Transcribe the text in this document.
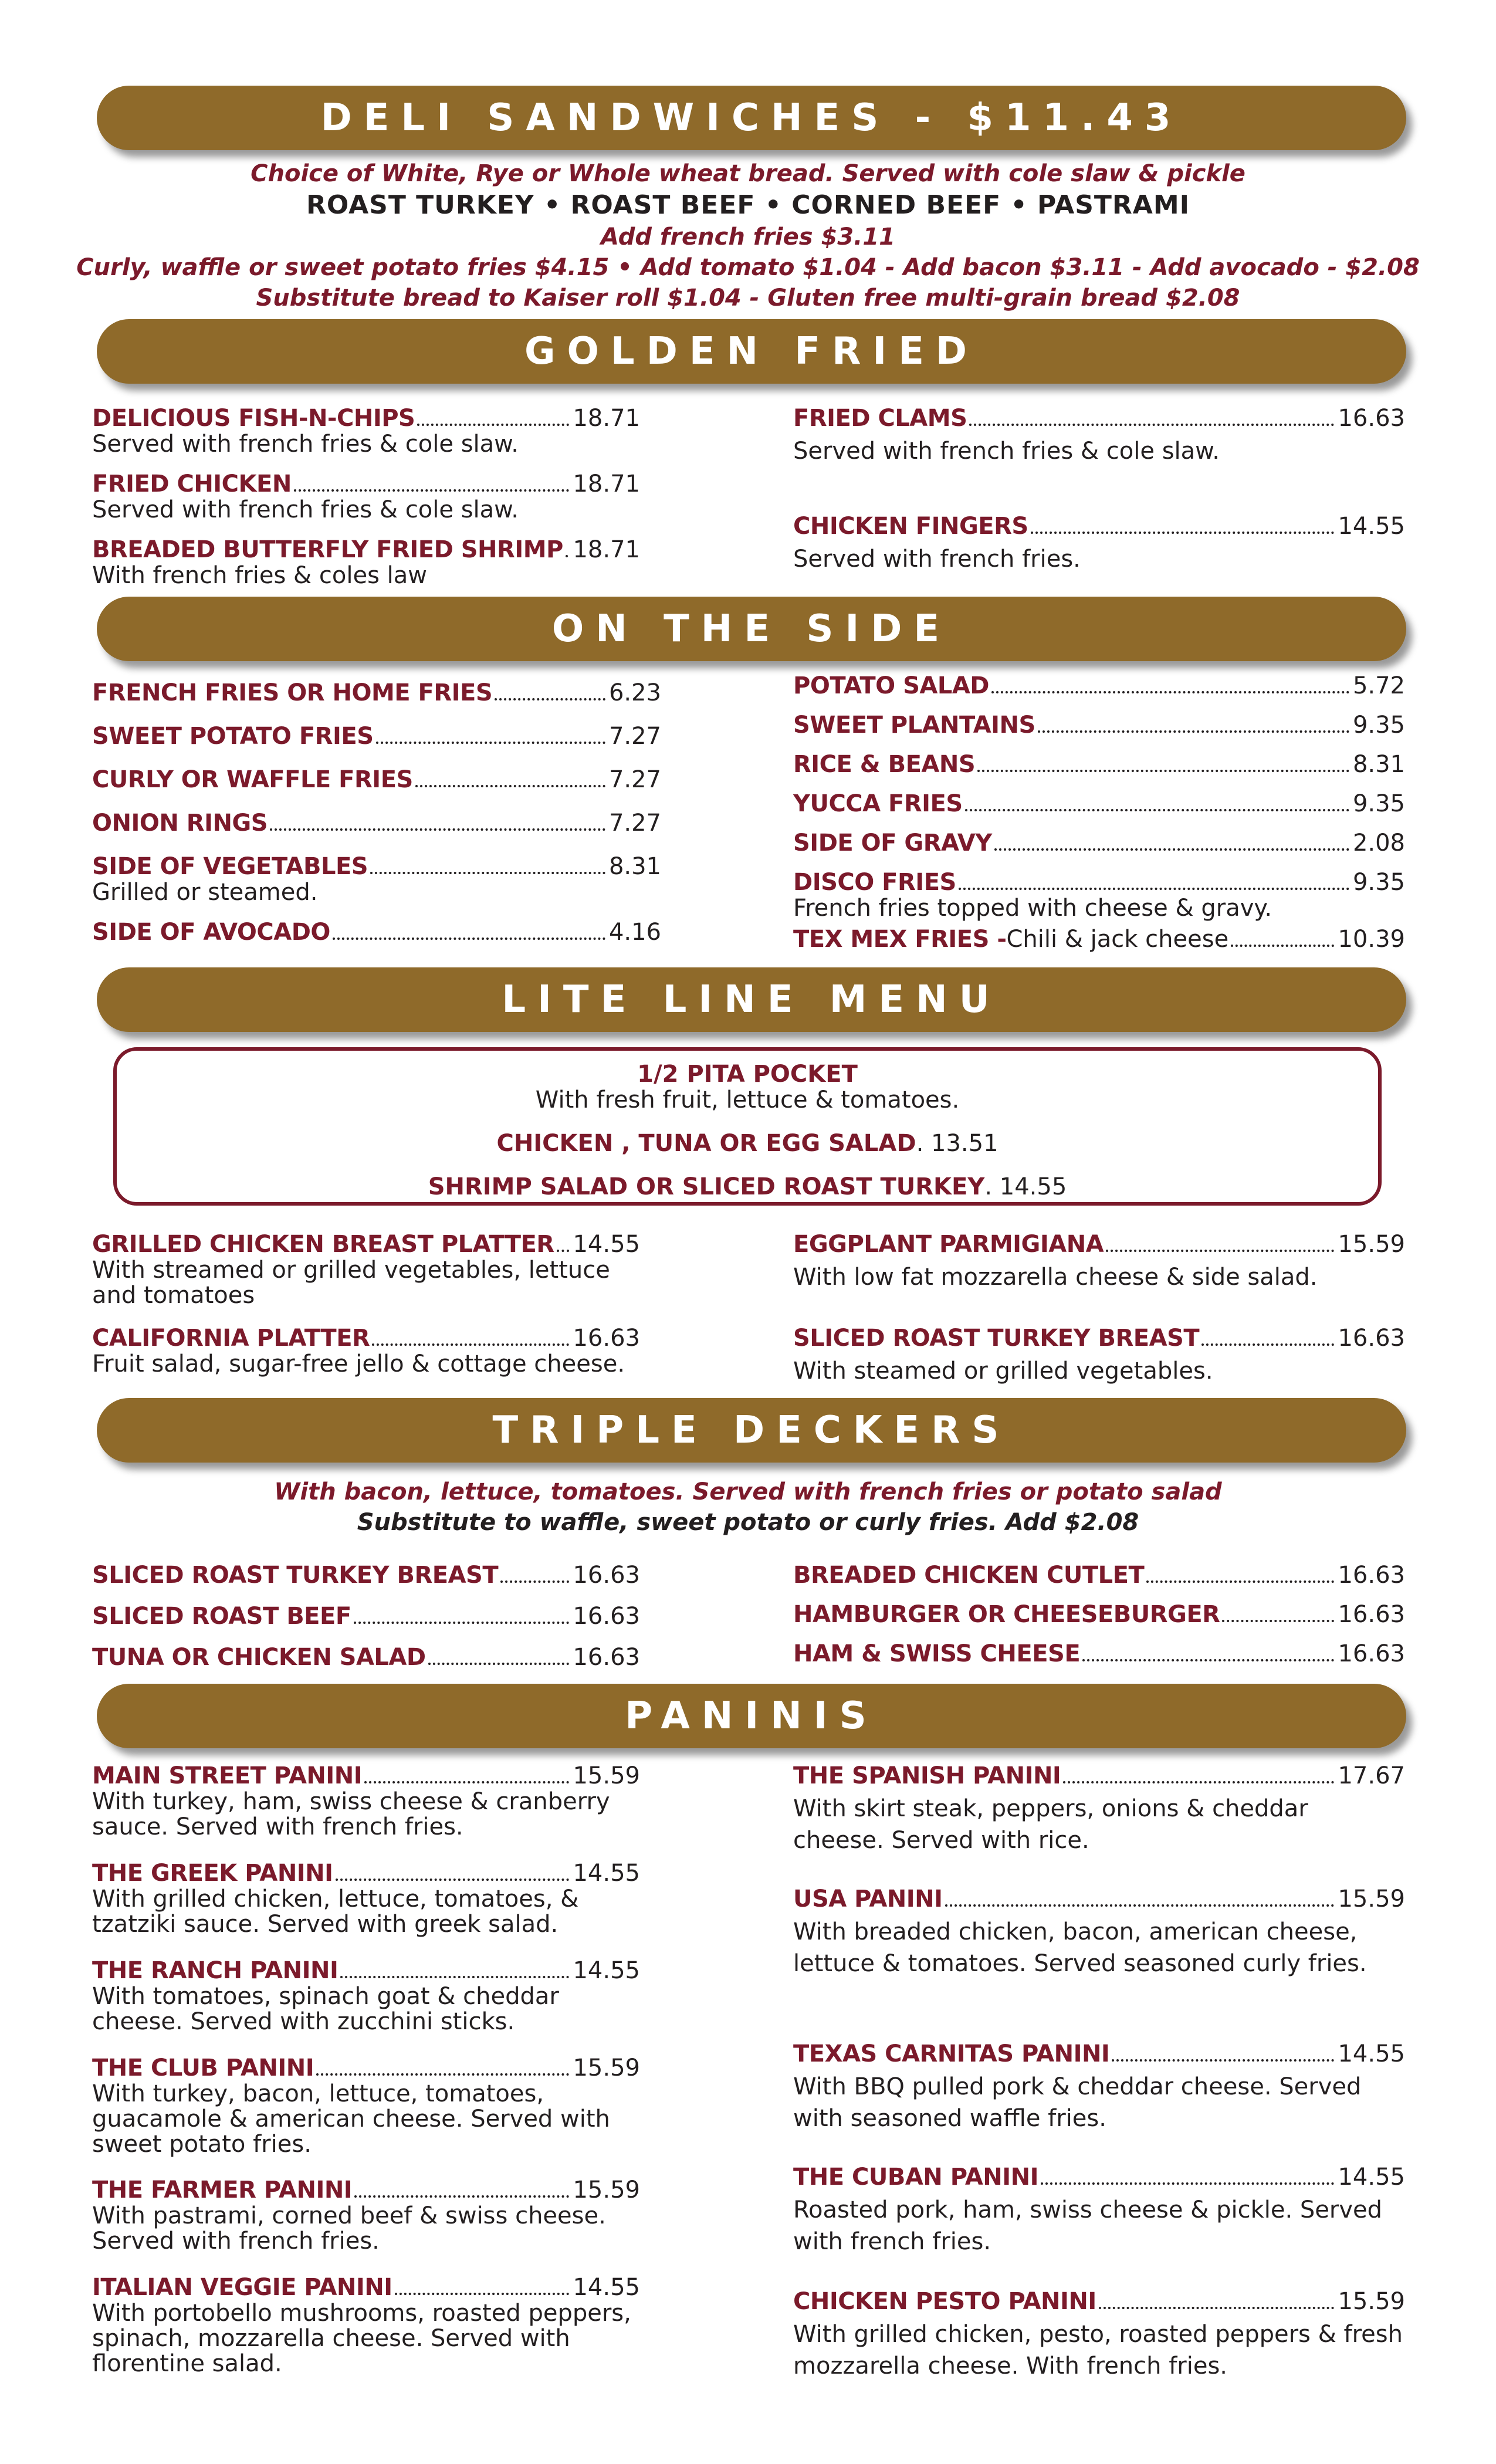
DELI SANDWICHES - $11.43

Choice of White, Rye or Whole wheat bread. Served with cole slaw & pickle

ROAST TURKEY • ROAST BEEF • CORNED BEEF • PASTRAMI

Add french fries $3.11

Curly, waffle or sweet potato fries $4.15 • Add tomato $1.04 - Add bacon $3.11 - Add avocado - $2.08

Substitute bread to Kaiser roll $1.04 - Gluten free multi-grain bread $2.08

GOLDEN FRIED
DELICIOUS FISH-N-CHIPS	18.71
Served with french fries & cole slaw.
FRIED CHICKEN	18.71
Served with french fries & cole slaw.
BREADED BUTTERFLY FRIED SHRIMP 18.71
With french fries & coles law
FRIED CLAMS	16.63
Served with french fries & cole slaw.
CHICKEN FINGERS	14.55
Served with french fries.
ON THE SIDE
FRENCH FRIES OR HOME FRIES	6.23
SWEET POTATO FRIES	7.27
CURLY OR WAFFLE FRIES	7.27
ONION RINGS	7.27
SIDE OF VEGETABLES	8.31
Grilled or steamed.
SIDE OF AVOCADO	4.16
POTATO SALAD	5.72
SWEET PLANTAINS	9.35
RICE & BEANS	8.31
YUCCA FRIES	9.35
SIDE OF GRAVY	2.08
DISCO FRIES	9.35
French fries topped with cheese & gravy.
TEX MEX FRIES - Chili & jack cheese	10.39
LITE LINE MENU
1/2 PITA POCKET
With fresh fruit, lettuce & tomatoes.
CHICKEN , TUNA OR EGG SALAD. 13.51
SHRIMP SALAD OR SLICED ROAST TURKEY. 14.55
GRILLED CHICKEN BREAST PLATTER 14.55
With streamed or grilled vegetables, lettuce and tomatoes
CALIFORNIA PLATTER	16.63
Fruit salad, sugar-free jello & cottage cheese.
EGGPLANT PARMIGIANA	15.59
With low fat mozzarella cheese & side salad.
SLICED ROAST TURKEY BREAST	16.63
With steamed or grilled vegetables.
TRIPLE DECKERS

With bacon, lettuce, tomatoes. Served with french fries or potato salad

Substitute to waffle, sweet potato or curly fries. Add $2.08

SLICED ROAST TURKEY BREAST	16.63
SLICED ROAST BEEF	16.63
TUNA OR CHICKEN SALAD	16.63
BREADED CHICKEN CUTLET	16.63
HAMBURGER OR CHEESEBURGER	16.63
HAM & SWISS CHEESE	16.63
PANINIS
MAIN STREET PANINI	15.59
With turkey, ham, swiss cheese & cranberry sauce. Served with french fries.
THE GREEK PANINI	14.55
With grilled chicken, lettuce, tomatoes, & tzatziki sauce. Served with greek salad.
THE RANCH PANINI	14.55
With tomatoes, spinach goat & cheddar cheese. Served with zucchini sticks.
THE CLUB PANINI	15.59
With turkey, bacon, lettuce, tomatoes, guacamole & american cheese. Served with sweet potato fries.
THE FARMER PANINI	15.59
With pastrami, corned beef & swiss cheese. Served with french fries.
ITALIAN VEGGIE PANINI	14.55
With portobello mushrooms, roasted peppers, spinach, mozzarella cheese. Served with florentine salad.
THE SPANISH PANINI	17.67
With skirt steak, peppers, onions & cheddar cheese. Served with rice.
USA PANINI	15.59
With breaded chicken, bacon, american cheese, lettuce & tomatoes. Served seasoned curly fries.
TEXAS CARNITAS PANINI	14.55
With BBQ pulled pork & cheddar cheese. Served with seasoned waffle fries.
THE CUBAN PANINI	14.55
Roasted pork, ham, swiss cheese & pickle. Served with french fries.
CHICKEN PESTO PANINI	15.59
With grilled chicken, pesto, roasted peppers & fresh mozzarella cheese. With french fries.
